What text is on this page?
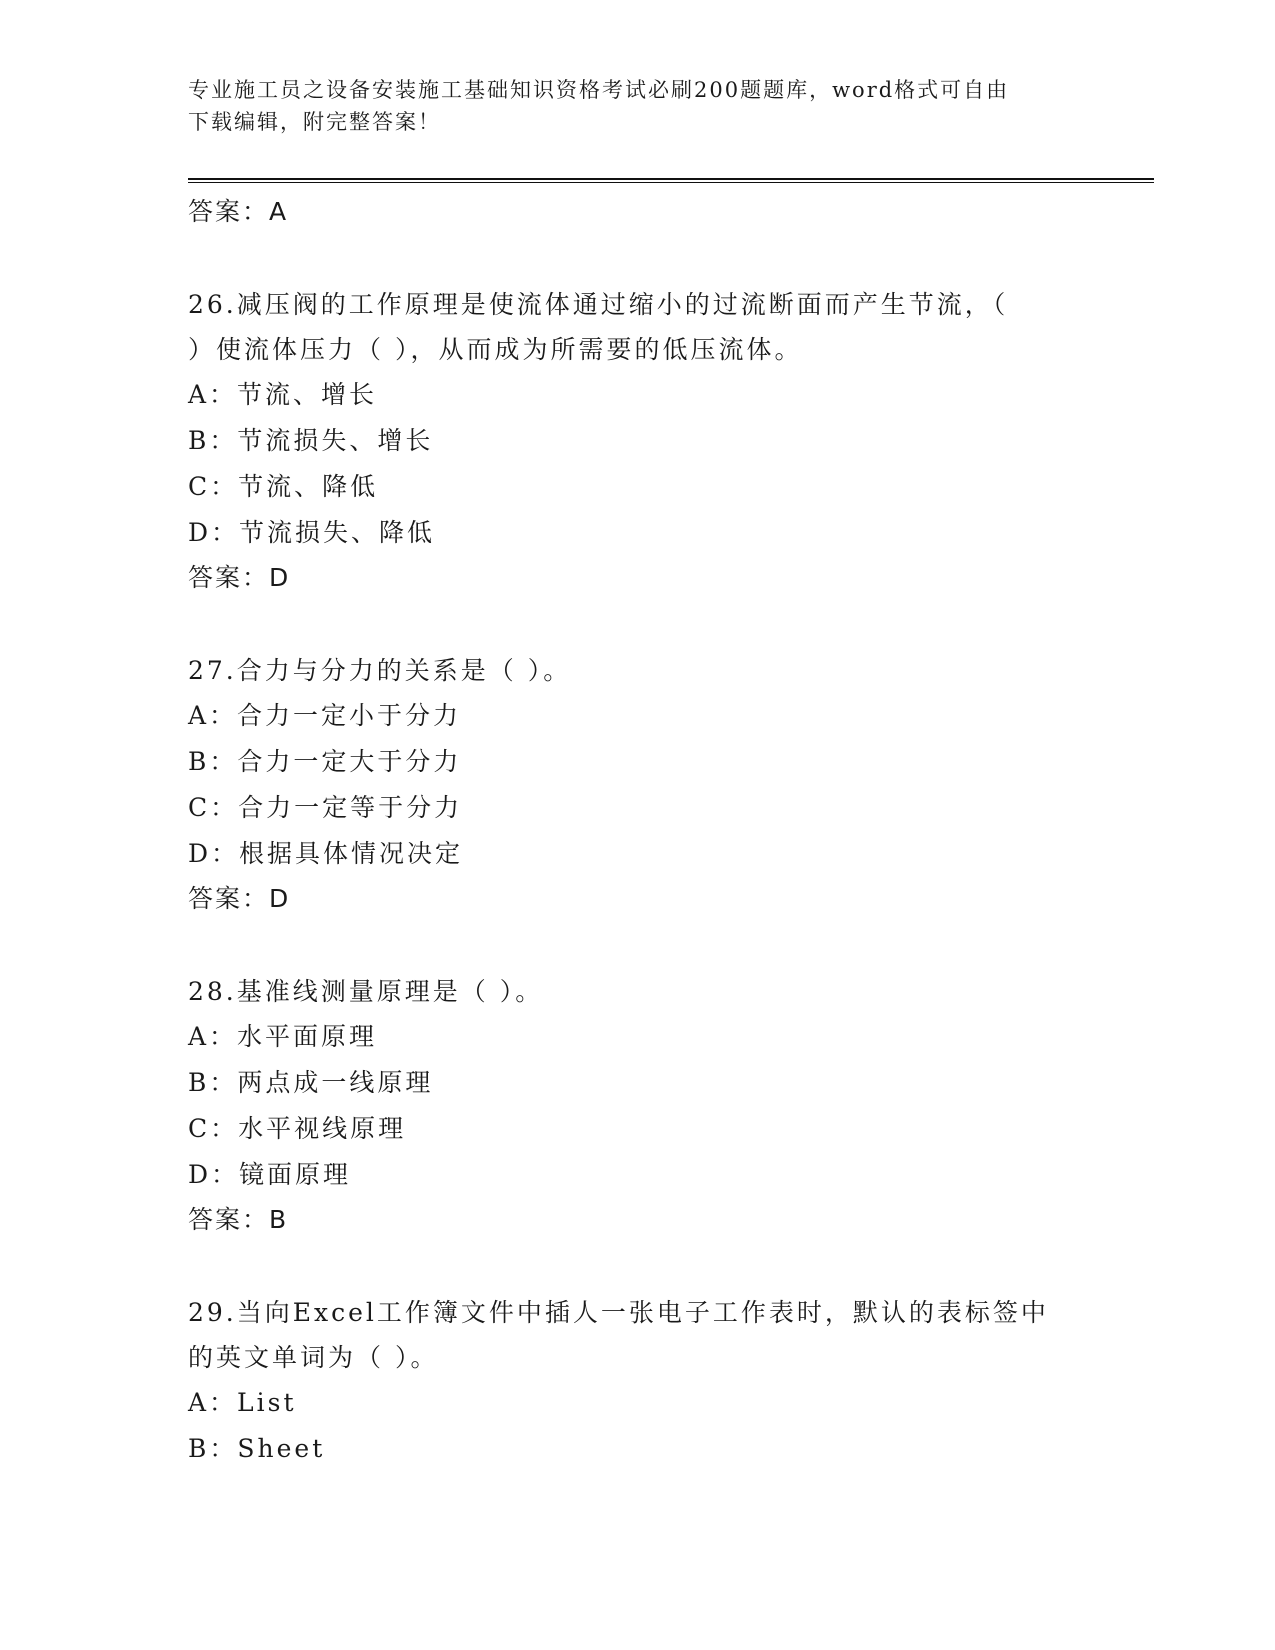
专业施工员之设备安装施工基础知识资格考试必刷200题题库，word格式可自由
下载编辑，附完整答案！
答案：A
26.减压阀的工作原理是使流体通过缩小的过流断面而产生节流，（
）使流体压力（ ），从而成为所需要的低压流体。
A：节流、增长
B：节流损失、增长
C：节流、降低
D：节流损失、降低
答案：D
27.合力与分力的关系是（ ）。
A：合力一定小于分力
B：合力一定大于分力
C：合力一定等于分力
D：根据具体情况决定
答案：D
28.基准线测量原理是（ ）。
A：水平面原理
B：两点成一线原理
C：水平视线原理
D：镜面原理
答案：B
29.当向Excel工作簿文件中插人一张电子工作表时，默认的表标签中
的英文单词为（ ）。
A：List
B：Sheet
